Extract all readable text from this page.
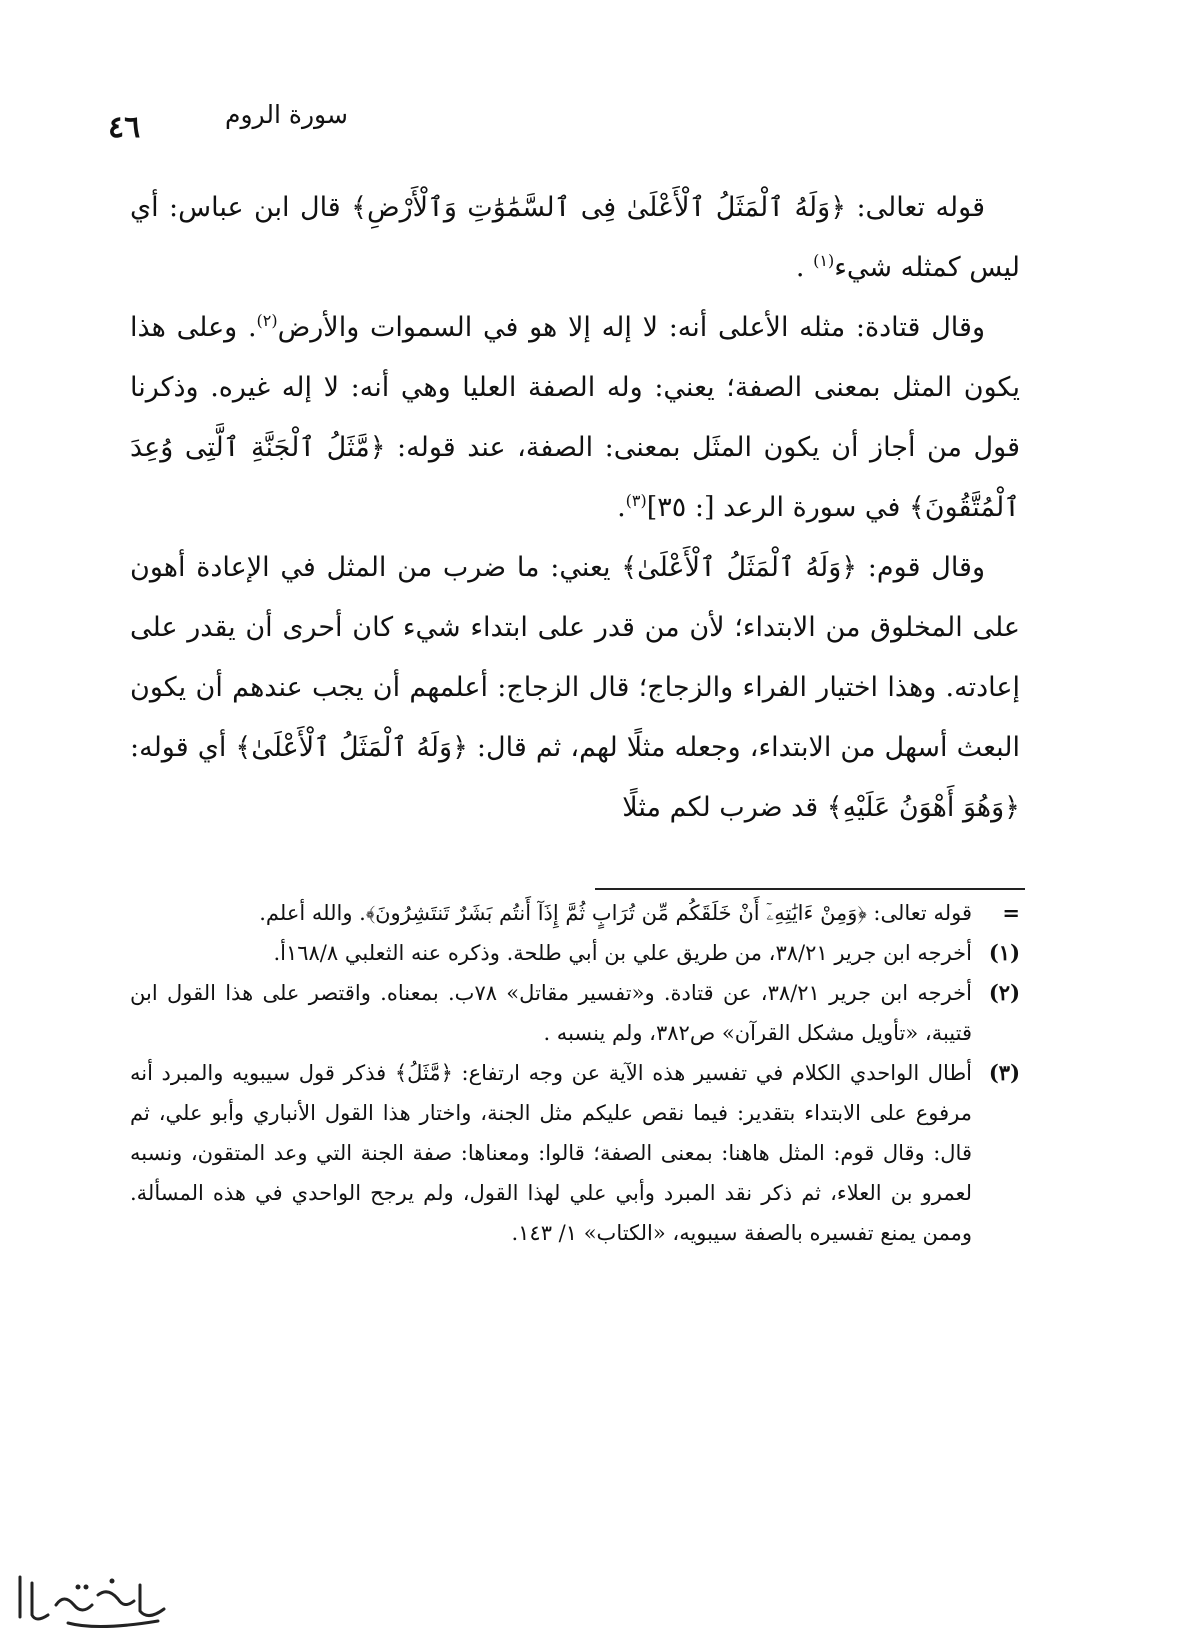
٤٦	سورة الروم

قوله تعالى: ﴿وَلَهُ ٱلْمَثَلُ ٱلْأَعْلَىٰ فِى ٱلسَّمَٰوَٰتِ وَٱلْأَرْضِ﴾ قال ابن عباس: أي ليس كمثله شيء$^{(١)}$ .

وقال قتادة: مثله الأعلى أنه: لا إله إلا هو في السموات والأرض$^{(٢)}$. وعلى هذا يكون المثل بمعنى الصفة؛ يعني: وله الصفة العليا وهي أنه: لا إله غيره. وذكرنا قول من أجاز أن يكون المثَل بمعنى: الصفة، عند قوله: ﴿مَّثَلُ ٱلْجَنَّةِ ٱلَّتِى وُعِدَ ٱلْمُتَّقُونَ﴾ في سورة الرعد [: ٣٥]$^{(٣)}$.

وقال قوم: ﴿وَلَهُ ٱلْمَثَلُ ٱلْأَعْلَىٰ﴾ يعني: ما ضرب من المثل في الإعادة أهون على المخلوق من الابتداء؛ لأن من قدر على ابتداء شيء كان أحرى أن يقدر على إعادته. وهذا اختيار الفراء والزجاج؛ قال الزجاج: أعلمهم أن يجب عندهم أن يكون البعث أسهل من الابتداء، وجعله مثلًا لهم، ثم قال: ﴿وَلَهُ ٱلْمَثَلُ ٱلْأَعْلَىٰ﴾ أي قوله: ﴿وَهُوَ أَهْوَنُ عَلَيْهِ﴾ قد ضرب لكم مثلًا

=
قوله تعالى: ﴿وَمِنْ ءَايَٰتِهِۦٓ أَنْ خَلَقَكُم مِّن تُرَابٍ ثُمَّ إِذَآ أَنتُم بَشَرٌ تَنتَشِرُونَ﴾. والله أعلم.
(١)
أخرجه ابن جرير ٣٨/٢١، من طريق علي بن أبي طلحة. وذكره عنه الثعلبي ١٦٨/٨أ.
(٢)
أخرجه ابن جرير ٣٨/٢١، عن قتادة. و«تفسير مقاتل» ٧٨ب. بمعناه. واقتصر على هذا القول ابن قتيبة، «تأويل مشكل القرآن» ص٣٨٢، ولم ينسبه .
(٣)
أطال الواحدي الكلام في تفسير هذه الآية عن وجه ارتفاع: ﴿مَّثَلُ﴾ فذكر قول سيبويه والمبرد أنه مرفوع على الابتداء بتقدير: فيما نقص عليكم مثل الجنة، واختار هذا القول الأنباري وأبو علي، ثم قال: وقال قوم: المثل هاهنا: بمعنى الصفة؛ قالوا: ومعناها: صفة الجنة التي وعد المتقون، ونسبه لعمرو بن العلاء، ثم ذكر نقد المبرد وأبي علي لهذا القول، ولم يرجح الواحدي في هذه المسألة. وممن يمنع تفسيره بالصفة سيبويه، «الكتاب» ١/ ١٤٣.
